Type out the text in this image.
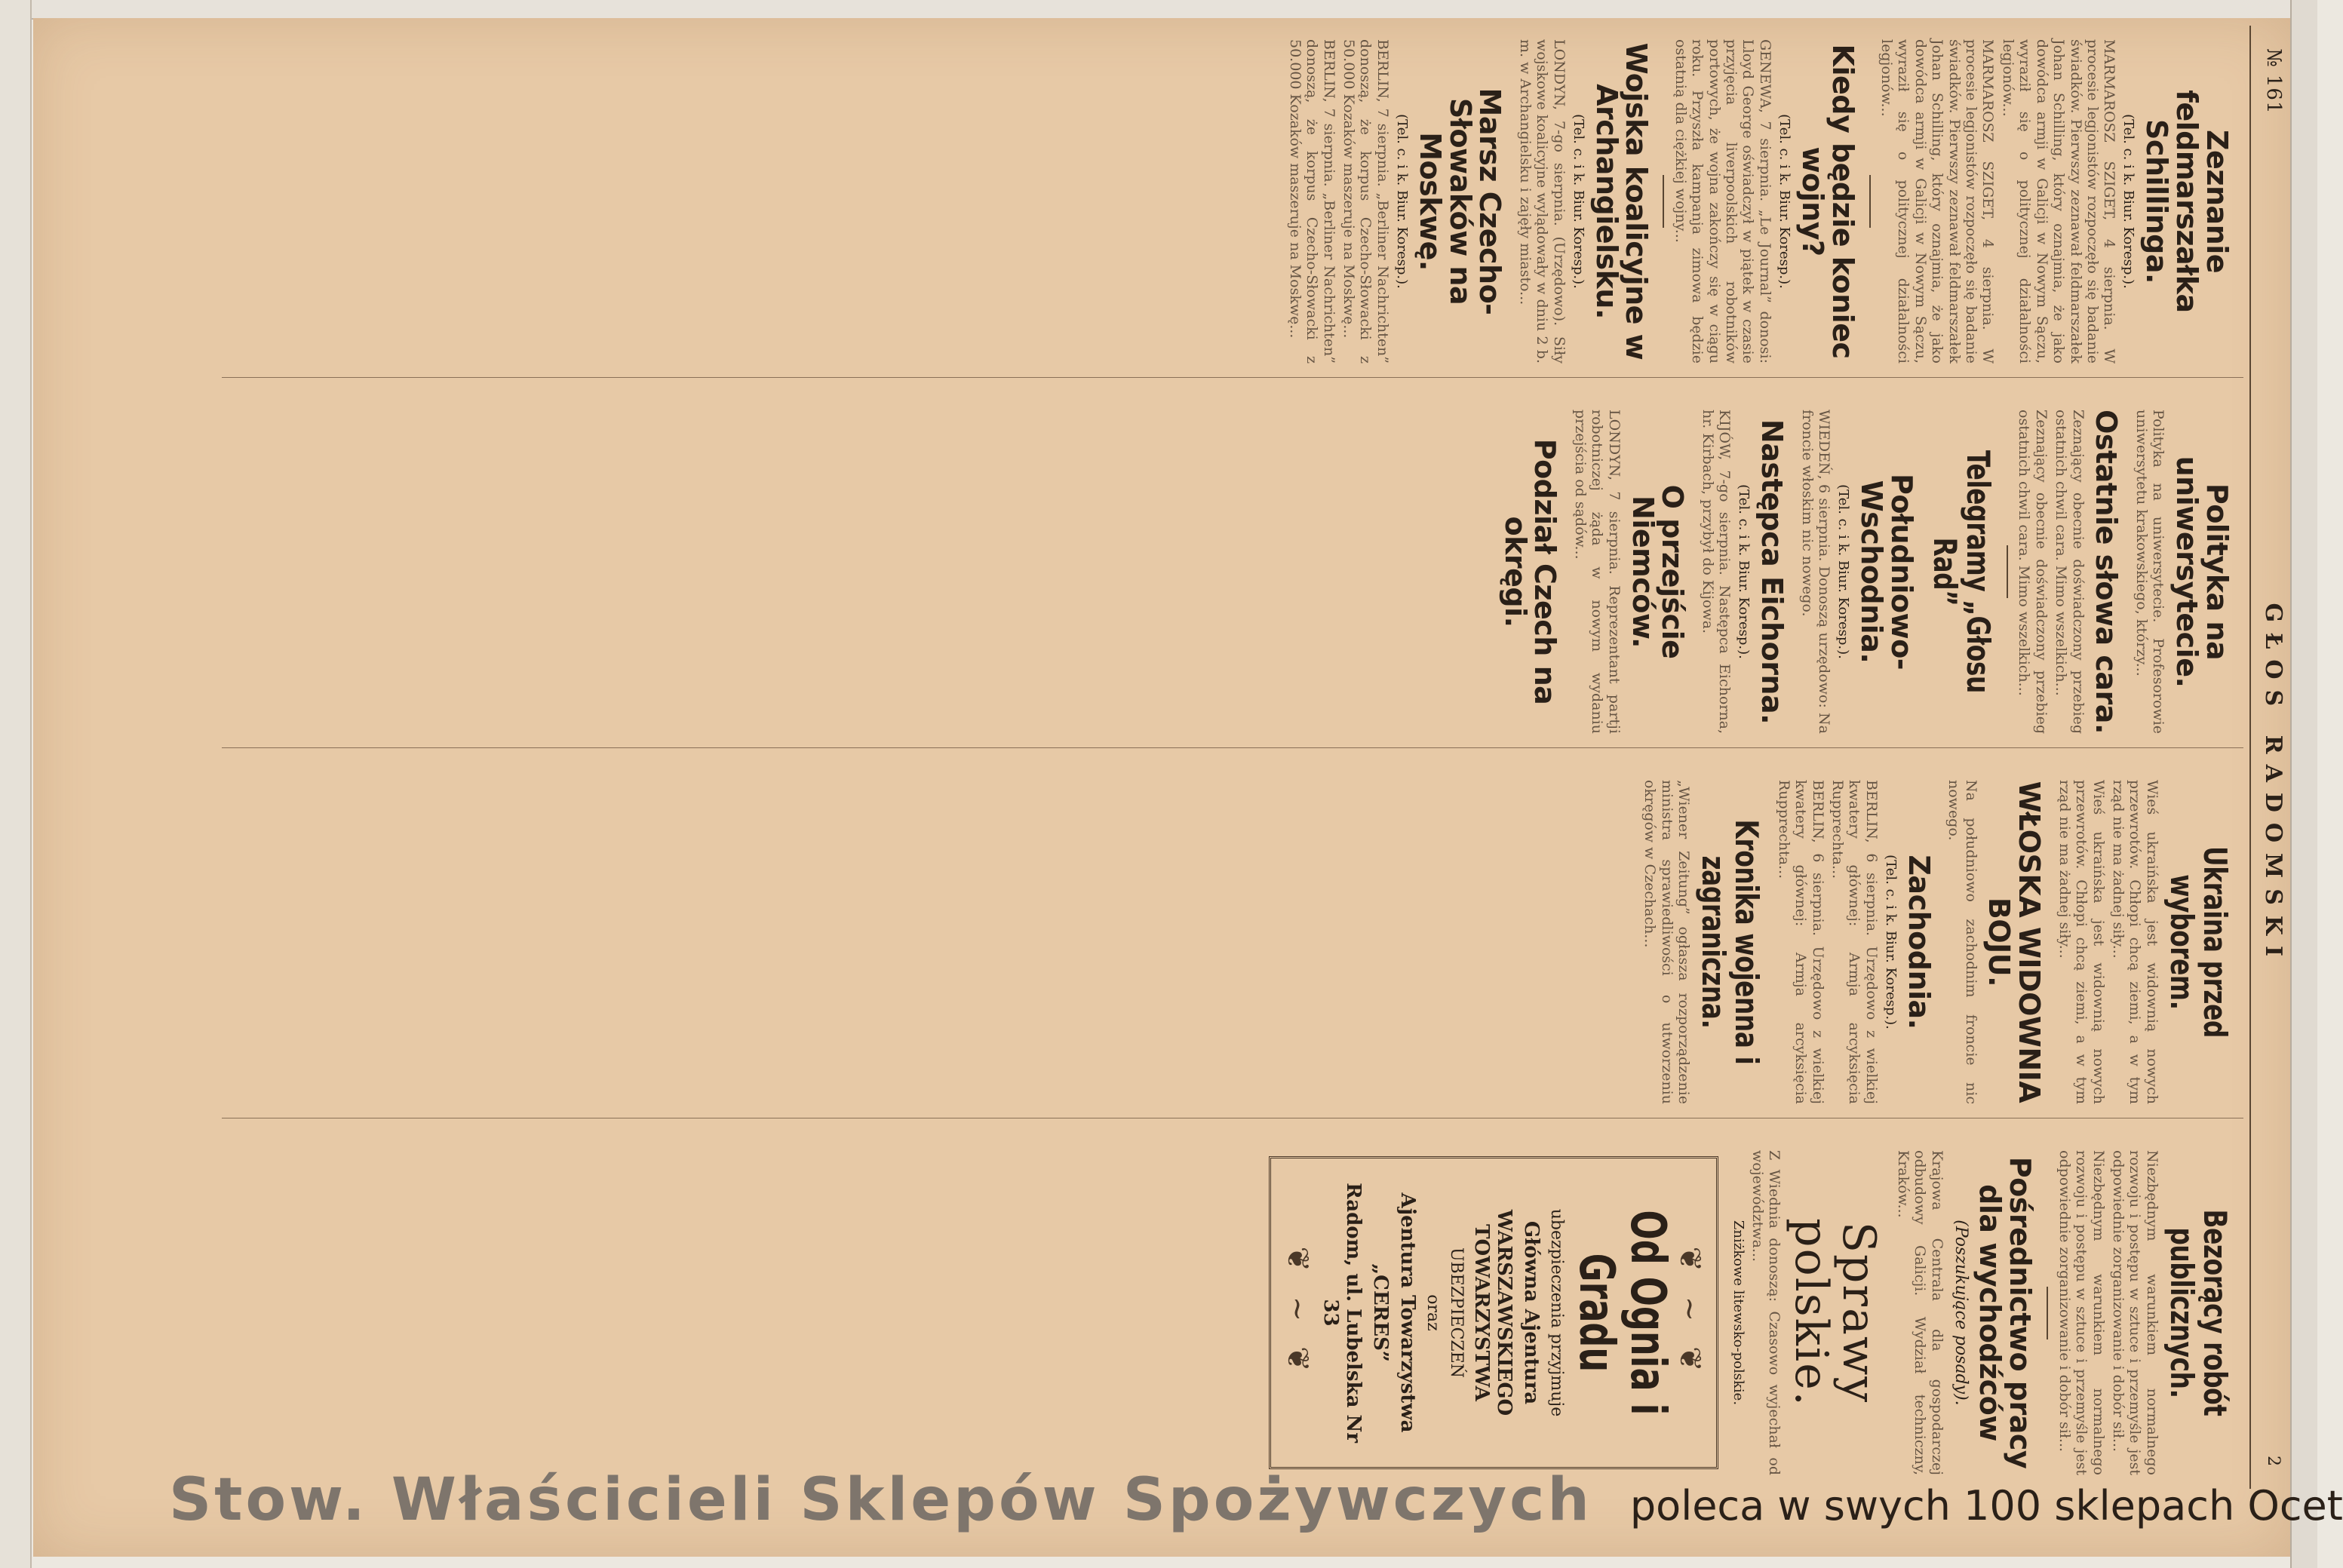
№ 161
GŁOS RADOMSKI
2
Zeznanie feldmarszałka Schillinga.
(Tel. c. i k. Biur. Koresp.).

MARMAROSZ SZIGET, 4 sierpnia. W procesie legjonistów rozpoczęło się badanie świadków. Pierwszy zeznawał feldmarszałek Johan Schilling, który oznajmia, że jako dowódca armji w Galicji w Nowym Sączu, wyraził się o politycznej działalności legjonów...

MARMAROSZ SZIGET, 4 sierpnia. W procesie legjonistów rozpoczęło się badanie świadków. Pierwszy zeznawał feldmarszałek Johan Schilling, który oznajmia, że jako dowódca armji w Galicji w Nowym Sączu, wyraził się o politycznej działalności legjonów...

Kiedy będzie koniec wojny?
(Tel. c. i k. Biur. Koresp.).

GENEWA, 7 sierpnia. „Le Journal” donosi: Lloyd George oświadczył w piątek w czasie przyjęcia liverpoolskich robotników portowych, że wojna zakończy się w ciągu roku. Przyszła kampanja zimowa będzie ostatnią dla ciężkiej wojny...

Wojska koalicyjne w Archangielsku.
(Tel. c. i k. Biur. Koresp.).

LONDYN, 7-go sierpnia. (Urzędowo). Siły wojskowe koalicyjne wylądowały w dniu 2 b. m. w Archangielsku i zajęły miasto...

Marsz Czecho-Słowaków na Moskwę.
(Tel. c. i k. Biur. Koresp.).

BERLIN, 7 sierpnia. „Berliner Nachrichten” donoszą, że korpus Czecho-Słowacki z 50.000 Kozaków maszeruje na Moskwę...

BERLIN, 7 sierpnia. „Berliner Nachrichten” donoszą, że korpus Czecho-Słowacki z 50.000 Kozaków maszeruje na Moskwę...

Polityka na uniwersytecie.

Polityka na uniwersytecie. Profesorowie uniwersytetu krakowskiego, którzy...

Ostatnie słowa cara.

Zeznający obecnie doświadczony przebieg ostatnich chwil cara. Mimo wszelkich...

Zeznający obecnie doświadczony przebieg ostatnich chwil cara. Mimo wszelkich...

Telegramy „Głosu Rad”
Południowo-Wschodnia.
(Tel. c. i k. Biur. Koresp.).

WIEDEŃ, 6 sierpnia. Donoszą urzędowo: Na froncie włoskim nic nowego.

Następca Eichorna.
(Tel. c. i k. Biur. Koresp.).

KIJÓW, 7-go sierpnia. Następca Eichorna, hr. Kirbach, przybył do Kijowa.

O przejście Niemców.

LONDYN, 7 sierpnia. Reprezentant partji robotniczej żąda w nowym wydaniu przejścia od sądów...

Podział Czech na okręgi.
Ukraina przed wyborem.

Wieś ukraińska jest widownią nowych przewrotów. Chłopi chcą ziemi, a w tym rząd nie ma żadnej siły...

Wieś ukraińska jest widownią nowych przewrotów. Chłopi chcą ziemi, a w tym rząd nie ma żadnej siły...

WŁOSKA WIDOWNIA BOJU.

Na południowo zachodnim froncie nic nowego.

Zachodnia.
(Tel. c. i k. Biur. Koresp.).

BERLIN, 6 sierpnia. Urzędowo z wielkiej kwatery głównej: Armja arcyksięcia Rupprechta...

BERLIN, 6 sierpnia. Urzędowo z wielkiej kwatery głównej: Armja arcyksięcia Rupprechta...

Kronika wojenna i zagraniczna.

„Wiener Zeitung” ogłasza rozporządzenie ministra sprawiedliwości o utworzeniu okręgów w Czechach...

Bezorący robót publicznych.

Niezbędnym warunkiem normalnego rozwoju i postępu w sztuce i przemyśle jest odpowiednie zorganizowanie i dobór sił...

Niezbędnym warunkiem normalnego rozwoju i postępu w sztuce i przemyśle jest odpowiednie zorganizowanie i dobór sił...

Pośrednictwo pracy dla wychodźców
(Poszukujące posady).

Krajowa Centrala dla gospodarczej odbudowy Galicji. Wydział techniczny, Kraków...

Sprawy polskie.

Z Wiednia donoszą: Czasowo wyjechał od województwa...

Zniżkowe litewsko-polskie.
❦ ~ ❦
Od Ognia i Gradu
ubezpieczenia przyjmuje
Główna Ajentura
WARSZAWSKIEGO TOWARZYSTWA
UBEZPIECZEŃ
oraz
Ajentura Towarzystwa
„CERES”
Radom, ul. Lubelska Nr 33
❦ ~ ❦
Stow. Właścicieli Sklepów Spożywczych poleca w swych 100 sklepach Ocet
